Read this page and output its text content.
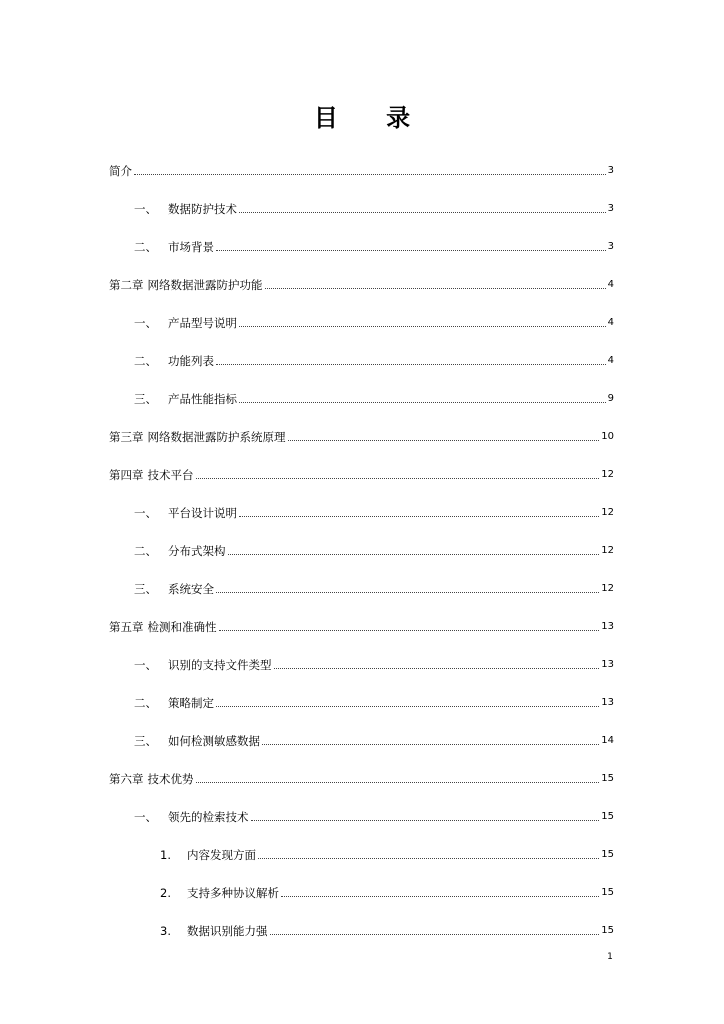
目 录
简介	3
一、 数据防护技术	3
二、 市场背景	3
第二章 网络数据泄露防护功能	4
一、 产品型号说明	4
二、 功能列表	4
三、 产品性能指标	9
第三章 网络数据泄露防护系统原理	10
第四章 技术平台	12
一、 平台设计说明	12
二、 分布式架构	12
三、 系统安全	12
第五章 检测和准确性	13
一、 识别的支持文件类型	13
二、 策略制定	13
三、 如何检测敏感数据	14
第六章 技术优势	15
一、 领先的检索技术	15
1.	内容发现方面	15
2.	支持多种协议解析	15
3.	数据识别能力强	15
1
